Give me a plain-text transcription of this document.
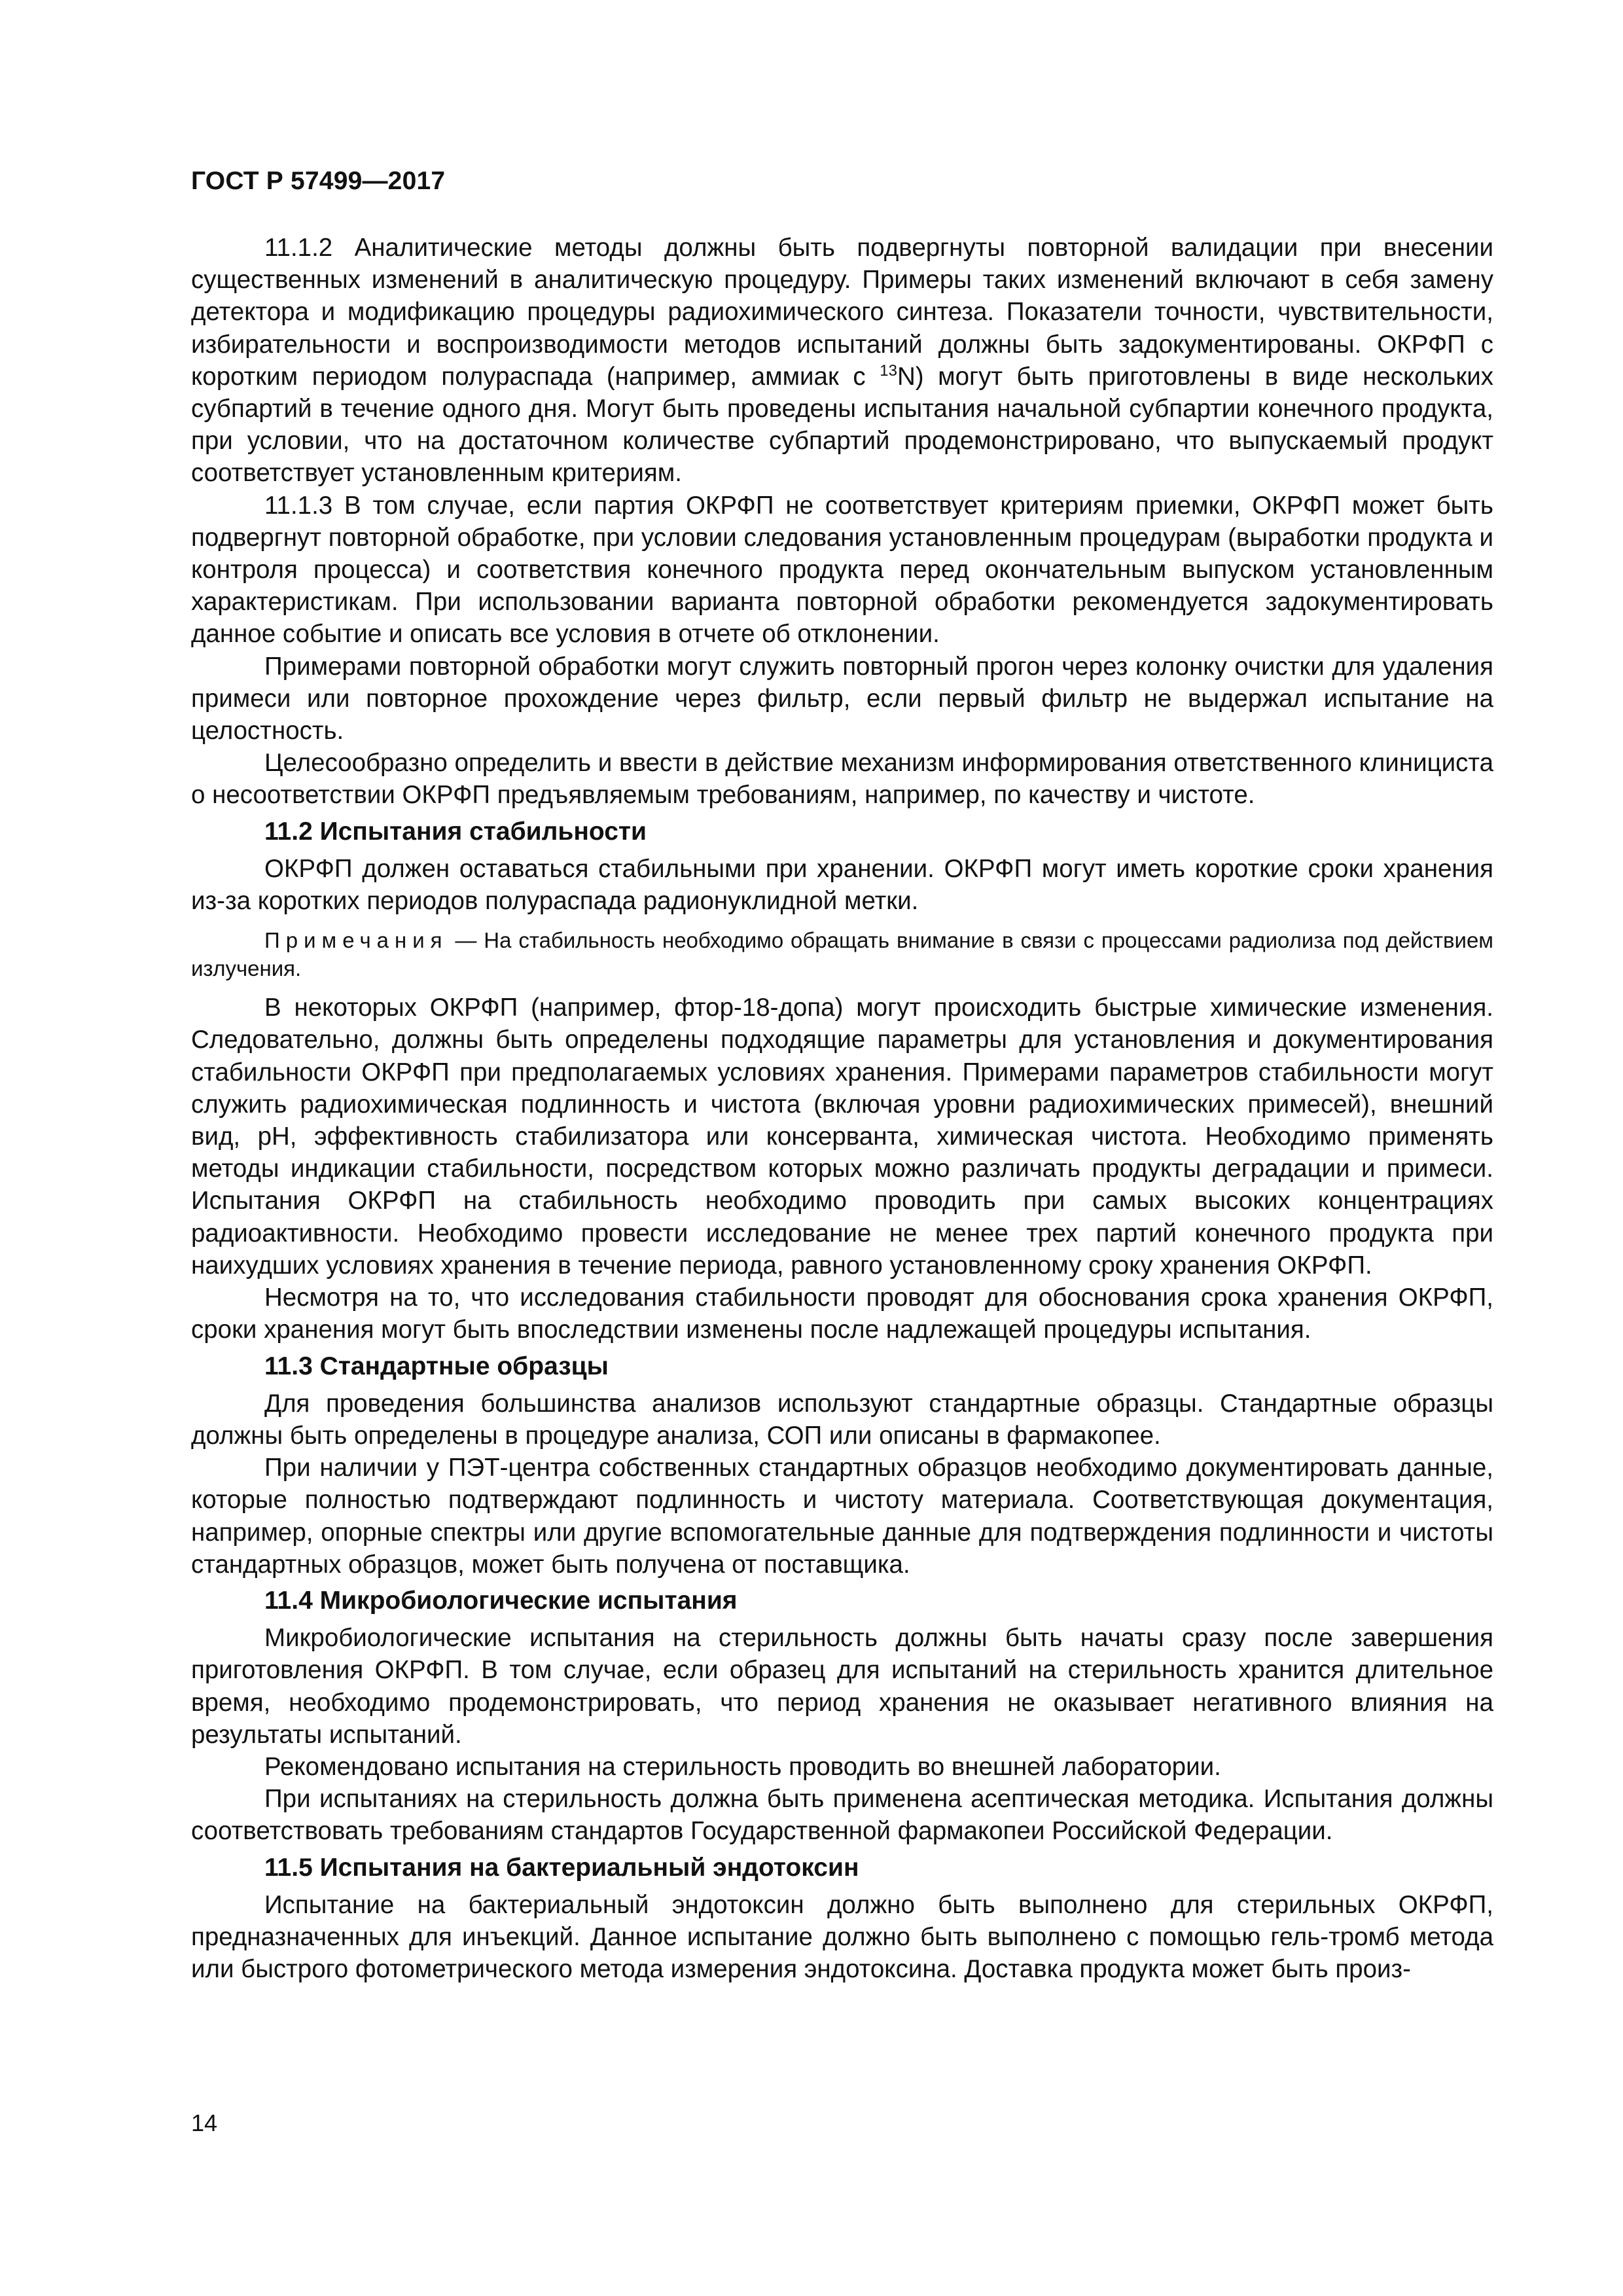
ГОСТ Р 57499—2017

11.1.2 Аналитические методы должны быть подвергнуты повторной валидации при внесении существенных изменений в аналитическую процедуру. Примеры таких изменений включают в себя замену детектора и модификацию процедуры радиохимического синтеза. Показатели точности, чувствительности, избирательности и воспроизводимости методов испытаний должны быть задокументированы. ОКРФП с коротким периодом полураспада (например, аммиак с $^{13}$N) могут быть приготовлены в виде нескольких субпартий в течение одного дня. Могут быть проведены испытания начальной субпартии конечного продукта, при условии, что на достаточном количестве субпартий продемонстрировано, что выпускаемый продукт соответствует установленным критериям.

11.1.3 В том случае, если партия ОКРФП не соответствует критериям приемки, ОКРФП может быть подвергнут повторной обработке, при условии следования установленным процедурам (выработки продукта и контроля процесса) и соответствия конечного продукта перед окончательным выпуском установленным характеристикам. При использовании варианта повторной обработки рекомендуется задокументировать данное событие и описать все условия в отчете об отклонении.

Примерами повторной обработки могут служить повторный прогон через колонку очистки для удаления примеси или повторное прохождение через фильтр, если первый фильтр не выдержал испытание на целостность.

Целесообразно определить и ввести в действие механизм информирования ответственного клинициста о несоответствии ОКРФП предъявляемым требованиям, например, по качеству и чистоте.

11.2 Испытания стабильности

ОКРФП должен оставаться стабильными при хранении. ОКРФП могут иметь короткие сроки хранения из-за коротких периодов полураспада радионуклидной метки.

Примечания — На стабильность необходимо обращать внимание в связи с процессами радиолиза под действием излучения.

В некоторых ОКРФП (например, фтор-18-допа) могут происходить быстрые химические изменения. Следовательно, должны быть определены подходящие параметры для установления и документирования стабильности ОКРФП при предполагаемых условиях хранения. Примерами параметров стабильности могут служить радиохимическая подлинность и чистота (включая уровни радиохимических примесей), внешний вид, pH, эффективность стабилизатора или консерванта, химическая чистота. Необходимо применять методы индикации стабильности, посредством которых можно различать продукты деградации и примеси. Испытания ОКРФП на стабильность необходимо проводить при самых высоких концентрациях радиоактивности. Необходимо провести исследование не менее трех партий конечного продукта при наихудших условиях хранения в течение периода, равного установленному сроку хранения ОКРФП.

Несмотря на то, что исследования стабильности проводят для обоснования срока хранения ОКРФП, сроки хранения могут быть впоследствии изменены после надлежащей процедуры испытания.

11.3 Стандартные образцы

Для проведения большинства анализов используют стандартные образцы. Стандартные образцы должны быть определены в процедуре анализа, СОП или описаны в фармакопее.

При наличии у ПЭТ-центра собственных стандартных образцов необходимо документировать данные, которые полностью подтверждают подлинность и чистоту материала. Соответствующая документация, например, опорные спектры или другие вспомогательные данные для подтверждения подлинности и чистоты стандартных образцов, может быть получена от поставщика.

11.4 Микробиологические испытания

Микробиологические испытания на стерильность должны быть начаты сразу после завершения приготовления ОКРФП. В том случае, если образец для испытаний на стерильность хранится длительное время, необходимо продемонстрировать, что период хранения не оказывает негативного влияния на результаты испытаний.

Рекомендовано испытания на стерильность проводить во внешней лаборатории.

При испытаниях на стерильность должна быть применена асептическая методика. Испытания должны соответствовать требованиям стандартов Государственной фармакопеи Российской Федерации.

11.5 Испытания на бактериальный эндотоксин

Испытание на бактериальный эндотоксин должно быть выполнено для стерильных ОКРФП, предназначенных для инъекций. Данное испытание должно быть выполнено с помощью гель-тромб метода или быстрого фотометрического метода измерения эндотоксина. Доставка продукта может быть произ-

14
